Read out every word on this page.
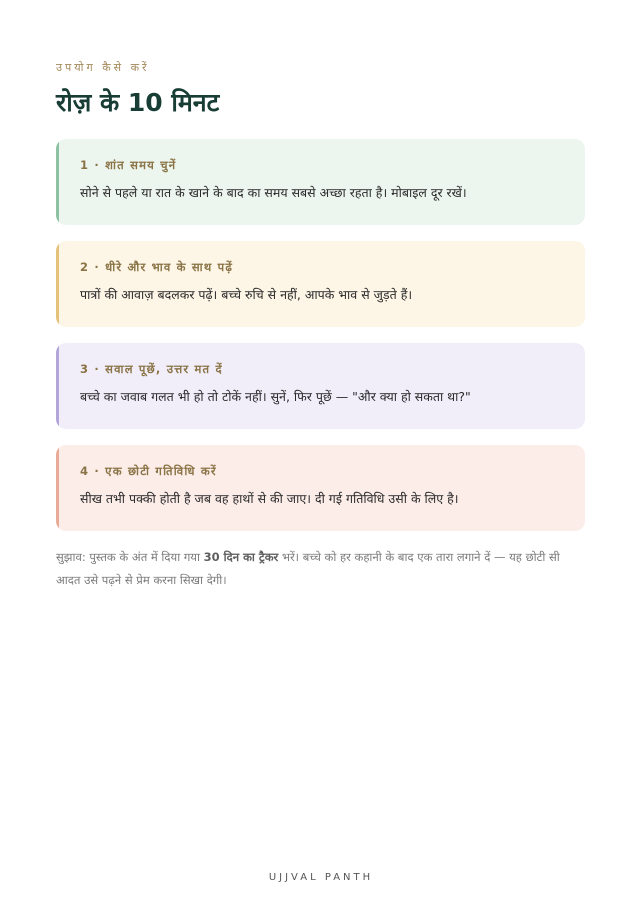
उपयोग कैसे करें

रोज़ के 10 मिनट

1 · शांत समय चुनें

सोने से पहले या रात के खाने के बाद का समय सबसे अच्छा रहता है। मोबाइल दूर रखें।

2 · धीरे और भाव के साथ पढ़ें

पात्रों की आवाज़ बदलकर पढ़ें। बच्चे रुचि से नहीं, आपके भाव से जुड़ते हैं।

3 · सवाल पूछें, उत्तर मत दें

बच्चे का जवाब गलत भी हो तो टोकें नहीं। सुनें, फिर पूछें — "और क्या हो सकता था?"

4 · एक छोटी गतिविधि करें

सीख तभी पक्की होती है जब वह हाथों से की जाए। दी गई गतिविधि उसी के लिए है।

सुझाव: पुस्तक के अंत में दिया गया 30 दिन का ट्रैकर भरें। बच्चे को हर कहानी के बाद एक तारा लगाने दें — यह छोटी सी आदत उसे पढ़ने से प्रेम करना सिखा देगी।

UJJVAL PANTH
